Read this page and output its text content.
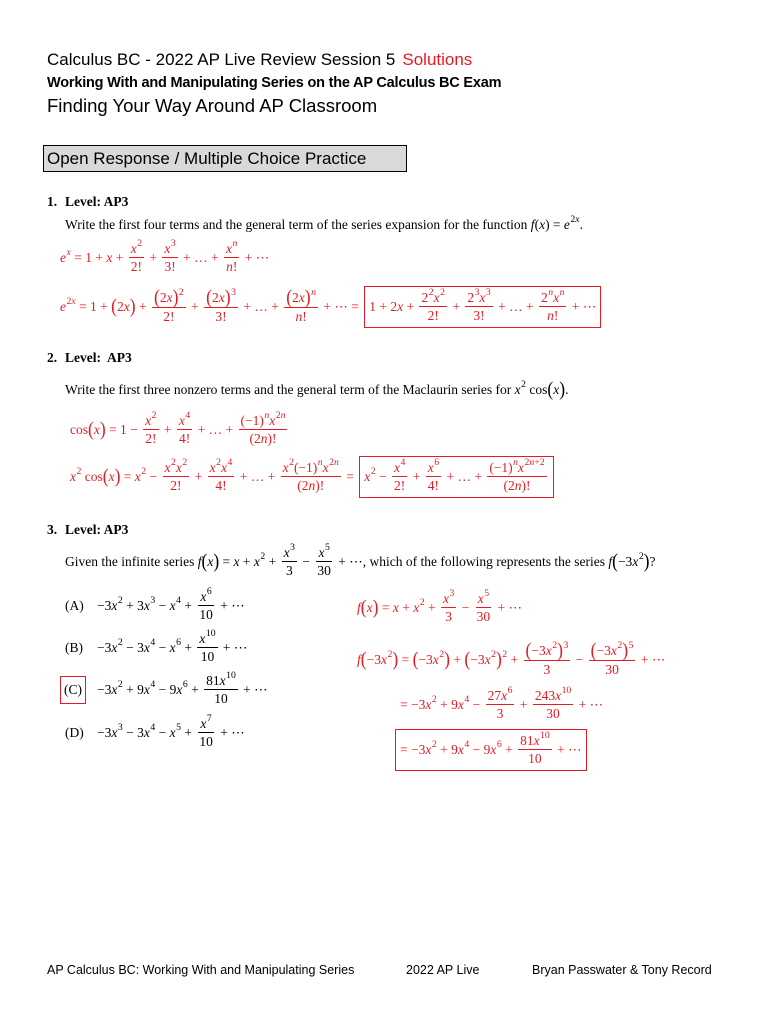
Calculus BC - 2022 AP Live Review Session 5 Solutions
Working With and Manipulating Series on the AP Calculus BC Exam
Finding Your Way Around AP Classroom
Open Response / Multiple Choice Practice
1. Level: AP3
Write the first four terms and the general term of the series expansion for the function f ( x ) = e 2 x .
e $x = 1 + x + \frac{x 2}{2!} + \frac{x 3}{3!}$ + … + $\frac{\text{x n}}{n !}$ + ⋯
e 2 x = 1 + ( 2 x ) + $\frac{( 2 x ) 2}{2!} + \frac{( 2 x ) 3}{3!}$ + … + $\frac{( 2 x ) n}{n !}$ + ⋯ = 1 + 2 $x + \frac{2 2 x 2}{2!} + \frac{2 3 x 3}{3!}$ + … +
2 n x n
n !
+ ⋯
2. Level:  AP3
Write the first three nonzero terms and the general term of the Maclaurin series for x 2 cos ( x ) .
cos ( x ) = $1 - \frac{x 2}{2!} + \frac{x 4}{4!}$ + … + $\frac{\text{(−1) n x 2 n}}{(2 n )!}$
x 2 cos ( x ) = x $2 - \frac{x 2 x 2}{2!} + \frac{x 2 x 4}{4!}$ + … + $\frac{\text{x 2 (−1) n x 2 n}}{(2 n )!} = x$ $2 - \frac{x 4}{2!} + \frac{x 6}{4!}$ + … + $\frac{\text{(−1) n x 2 n +2}}{(2 n )!}$
3. Level: AP3
Given the infinite series f ( x ) = x + x $2 + \frac{x 3}{3} - \frac{x 5}{30}$ + ⋯ , which of the following represents the series f ( −3 x 2 ) ?
(A) −3 x 2 + 3 x 3 − x $4 + \frac{x 6}{10}$ + ⋯
(B) −3 x 2 − 3 x 4 − x $6 + \frac{x 10}{10}$ + ⋯
(C) −3 x 2 + 9 x 4 − 9 x $6 + \frac{81 x 10}{10}$ + ⋯
(D) −3 x 3 − 3 x 4 − x $5 + \frac{x 7}{10}$ + ⋯
f ( x ) = x + x $2 + \frac{x 3}{3} - \frac{x 5}{30}$ + ⋯
f ( −3 x 2 ) = ( −3 x 2 ) + ( −3 x 2 ) $2 + \frac{( -3 x 2 ) 3}{3} - \frac{( -3 x 2 ) 5}{30}$ + ⋯
= −3 x 2 + 9 x $4 - \frac{27 x 6}{3} + \frac{243 x 10}{30}$ + ⋯
= −3 x 2 + 9 x 4 − 9 x $6 + \frac{81 x 10}{10}$ + ⋯
AP Calculus BC: Working With and Manipulating Series	2022 AP Live	Bryan Passwater & Tony Record
